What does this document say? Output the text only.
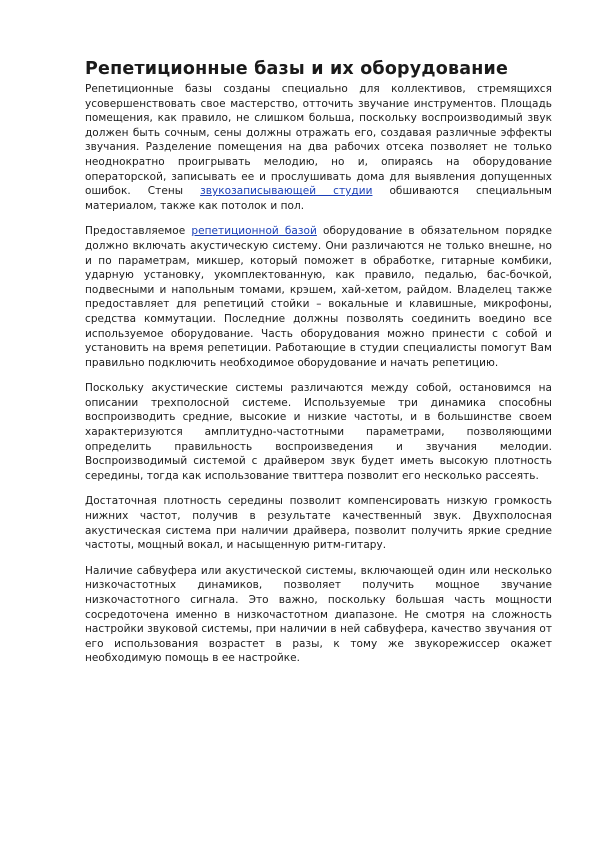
Репетиционные базы и их оборудование

Репетиционные базы созданы специально для коллективов, стремящихся усовершенствовать свое мастерство, отточить звучание инструментов. Площадь помещения, как правило, не слишком больша, поскольку воспроизводимый звук должен быть сочным, сены должны отражать его, создавая различные эффекты звучания. Разделение помещения на два рабочих отсека позволяет не только неоднократно проигрывать мелодию, но и, опираясь на оборудование операторской, записывать ее и прослушивать дома для выявления допущенных ошибок. Стены звукозаписывающей студии обшиваются специальным материалом, также как потолок и пол.

Предоставляемое репетиционной базой оборудование в обязательном порядке должно включать акустическую систему. Они различаются не только внешне, но и по параметрам, микшер, который поможет в обработке, гитарные комбики, ударную установку, укомплектованную, как правило, педалью, бас-бочкой, подвесными и напольным томами, крэшем, хай-хетом, райдом. Владелец также предоставляет для репетиций стойки – вокальные и клавишные, микрофоны, средства коммутации. Последние должны позволять соединить воедино все используемое оборудование. Часть оборудования можно принести с собой и установить на время репетиции. Работающие в студии специалисты помогут Вам правильно подключить необходимое оборудование и начать репетицию.

Поскольку акустические системы различаются между собой, остановимся на описании трехполосной системе. Используемые три динамика способны воспроизводить средние, высокие и низкие частоты, и в большинстве своем характеризуются амплитудно-частотными параметрами, позволяющими определить правильность воспроизведения и звучания мелодии. Воспроизводимый системой с драйвером звук будет иметь высокую плотность середины, тогда как использование твиттера позволит его несколько рассеять.

Достаточная плотность середины позволит компенсировать низкую громкость нижних частот, получив в результате качественный звук. Двухполосная акустическая система при наличии драйвера, позволит получить яркие средние частоты, мощный вокал, и насыщенную ритм-гитару.

Наличие сабвуфера или акустической системы, включающей один или несколько низкочастотных динамиков, позволяет получить мощное звучание низкочастотного сигнала. Это важно, поскольку большая часть мощности сосредоточена именно в низкочастотном диапазоне. Не смотря на сложность настройки звуковой системы, при наличии в ней сабвуфера, качество звучания от его использования возрастет в разы, к тому же звукорежиссер окажет необходимую помощь в ее настройке.
